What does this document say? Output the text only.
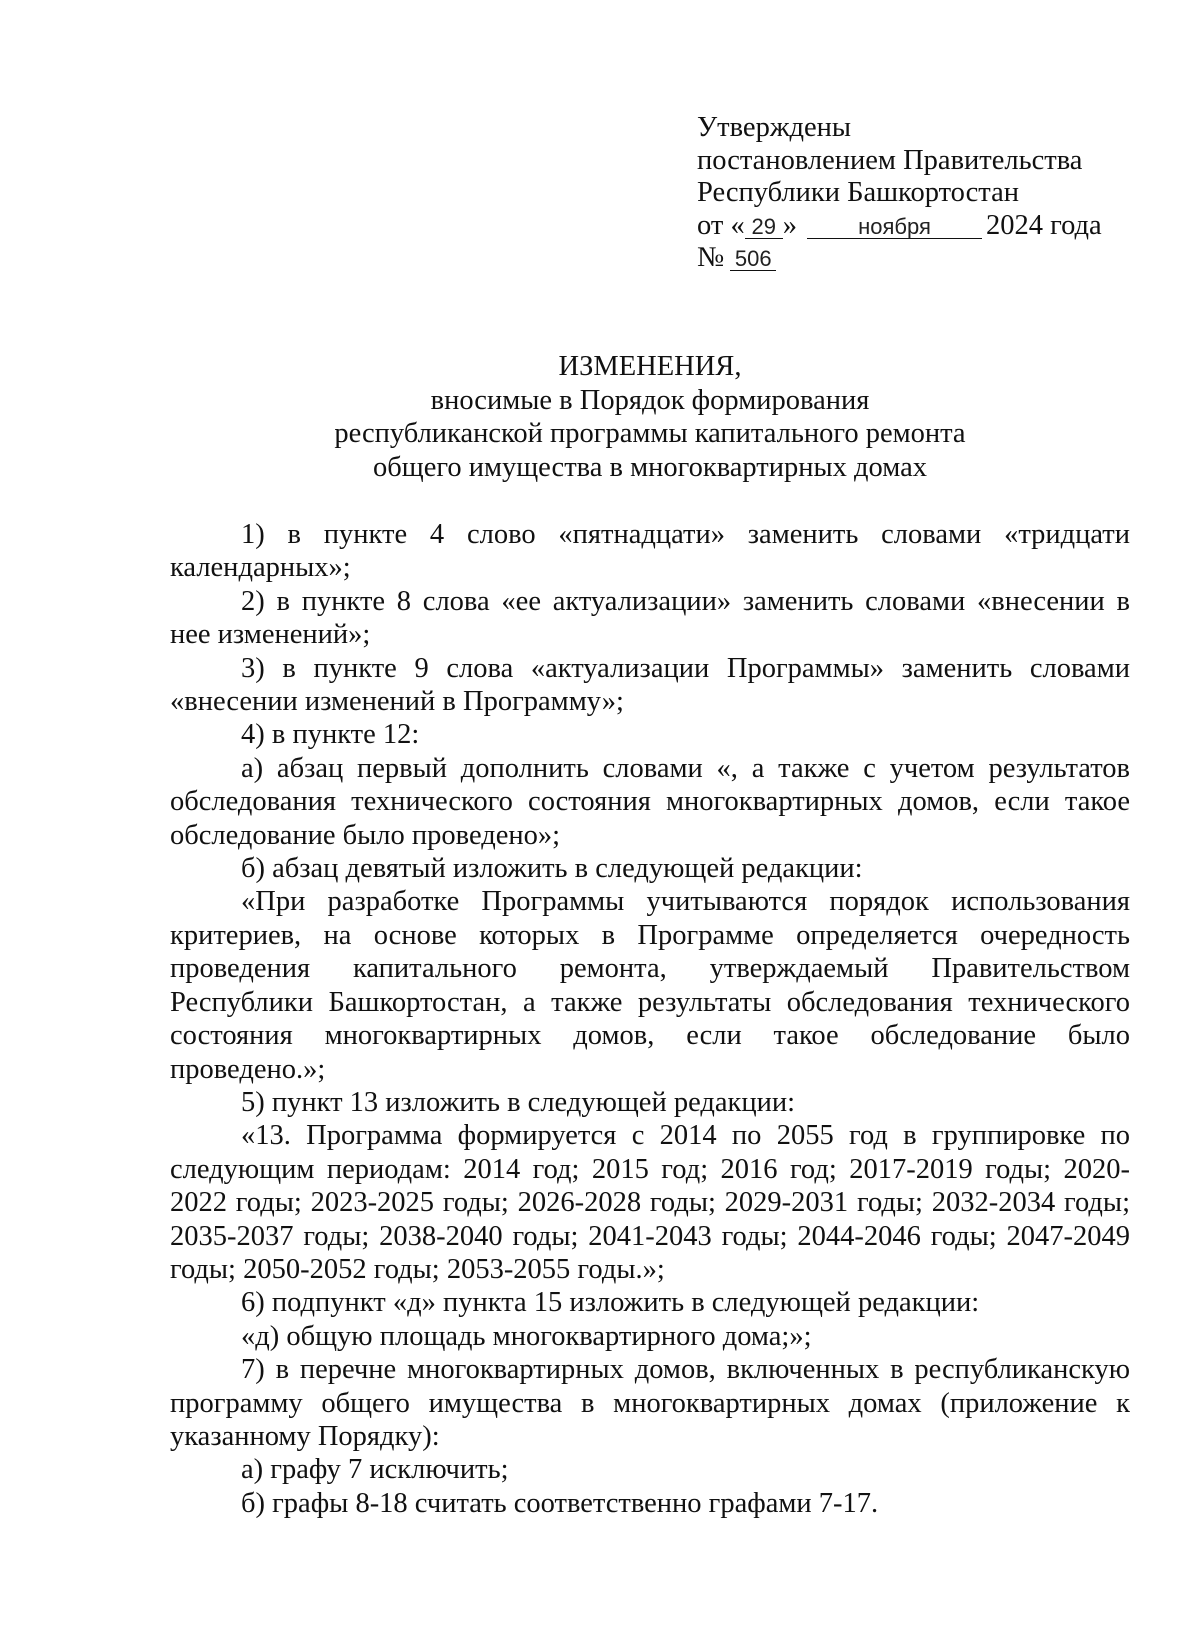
Утверждены
постановлением Правительства
Республики Башкортостан
от « 29 »	ноября 2024 года
№ 506
ИЗМЕНЕНИЯ,
вносимые в Порядок формирования
республиканской программы капитального ремонта
общего имущества в многоквартирных домах

1) в пункте 4 слово «пятнадцати» заменить словами «тридцати календарных»;

2) в пункте 8 слова «ее актуализации» заменить словами «внесении в нее изменений»;

3) в пункте 9 слова «актуализации Программы» заменить словами «внесении изменений в Программу»;

4) в пункте 12:

а) абзац первый дополнить словами «, а также с учетом результатов обследования технического состояния многоквартирных домов, если такое обследование было проведено»;

б) абзац девятый изложить в следующей редакции:

«При разработке Программы учитываются порядок использования критериев, на основе которых в Программе определяется очередность проведения капитального ремонта, утверждаемый Правительством Республики Башкортостан, а также результаты обследования технического состояния многоквартирных домов, если такое обследование было проведено.»;

5) пункт 13 изложить в следующей редакции:

«13. Программа формируется с 2014 по 2055 год в группировке по следующим периодам: 2014 год; 2015 год; 2016 год; 2017-2019 годы; 2020-2022 годы; 2023-2025 годы; 2026-2028 годы; 2029-2031 годы; 2032-2034 годы; 2035-2037 годы; 2038-2040 годы; 2041-2043 годы; 2044-2046 годы; 2047-2049 годы; 2050-2052 годы; 2053-2055 годы.»;

6) подпункт «д» пункта 15 изложить в следующей редакции:

«д) общую площадь многоквартирного дома;»;

7) в перечне многоквартирных домов, включенных в республиканскую программу общего имущества в многоквартирных домах (приложение к указанному Порядку):

а) графу 7 исключить;

б) графы 8-18 считать соответственно графами 7-17.
